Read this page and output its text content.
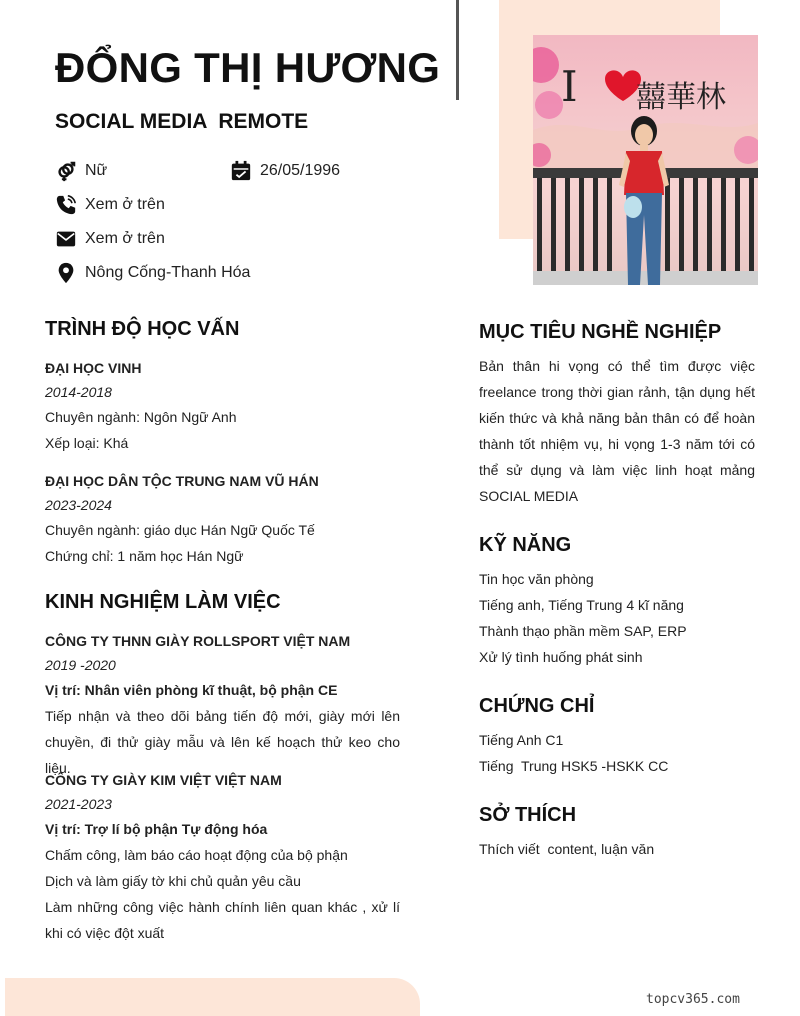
ĐỔNG THỊ HƯƠNG
SOCIAL MEDIA  REMOTE
Nữ	26/05/1996
Xem ở trên
Xem ở trên
Nông Cống-Thanh Hóa
I 囍華林
TRÌNH ĐỘ HỌC VẤN
ĐẠI HỌC VINH
2014-2018
Chuyên ngành: Ngôn Ngữ Anh
Xếp loại: Khá
ĐẠI HỌC DÂN TỘC TRUNG NAM VŨ HÁN
2023-2024
Chuyên ngành: giáo dục Hán Ngữ Quốc Tế
Chứng chỉ: 1 năm học Hán Ngữ
KINH NGHIỆM LÀM VIỆC
CÔNG TY THNN GIÀY ROLLSPORT VIỆT NAM
2019 -2020
Vị trí: Nhân viên phòng kĩ thuật, bộ phận CE
Tiếp nhận và theo dõi bảng tiến độ mới, giày mới lên chuyền, đi thử giày mẫu và lên kế hoạch thử keo cho liệu.
CÔNG TY GIÀY KIM VIỆT VIỆT NAM
2021-2023
Vị trí: Trợ lí bộ phận Tự động hóa
Chấm công, làm báo cáo hoạt động của bộ phận
Dịch và làm giấy tờ khi chủ quản yêu cầu
Làm những công việc hành chính liên quan khác , xử lí khi có việc đột xuất
MỤC TIÊU NGHỀ NGHIỆP
Bản thân hi vọng có thể tìm được việc freelance trong thời gian rảnh, tận dụng hết kiến thức và khả năng bản thân có để hoàn thành tốt nhiệm vụ, hi vọng 1-3 năm tới có thể sử dụng và làm việc linh hoạt mảng SOCIAL MEDIA
KỸ NĂNG
Tin học văn phòng
Tiếng anh, Tiếng Trung 4 kĩ năng
Thành thạo phần mềm SAP, ERP
Xử lý tình huống phát sinh
CHỨNG CHỈ
Tiếng Anh C1
Tiếng  Trung HSK5 -HSKK CC
SỞ THÍCH
Thích viết  content, luận văn
topcv365.com
